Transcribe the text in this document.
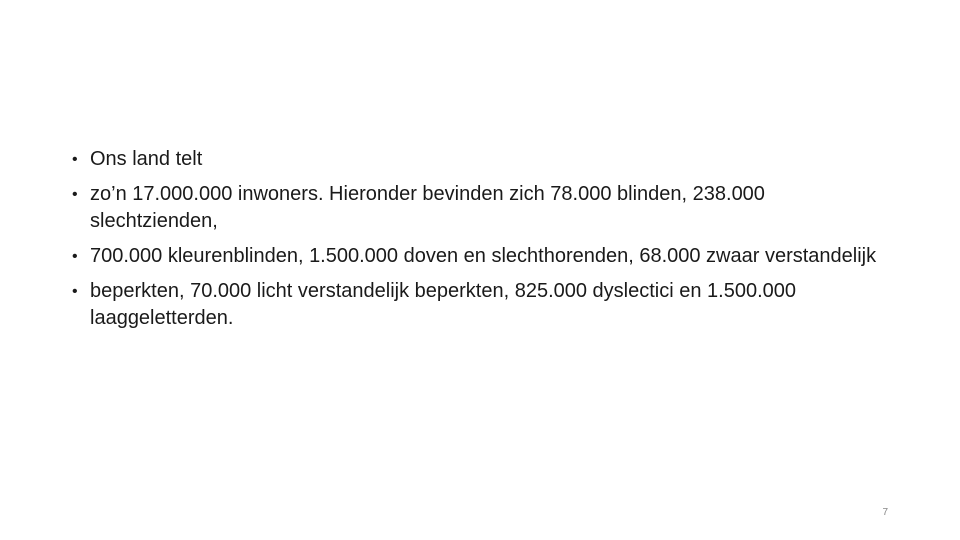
• Ons land telt
• zo’n 17.000.000 inwoners. Hieronder bevinden zich 78.000 blinden, 238.000 slechtzienden,
• 700.000 kleurenblinden, 1.500.000 doven en slechthorenden, 68.000 zwaar verstandelijk
• beperkten, 70.000 licht verstandelijk beperkten, 825.000 dyslectici en 1.500.000 laaggeletterden.
7
